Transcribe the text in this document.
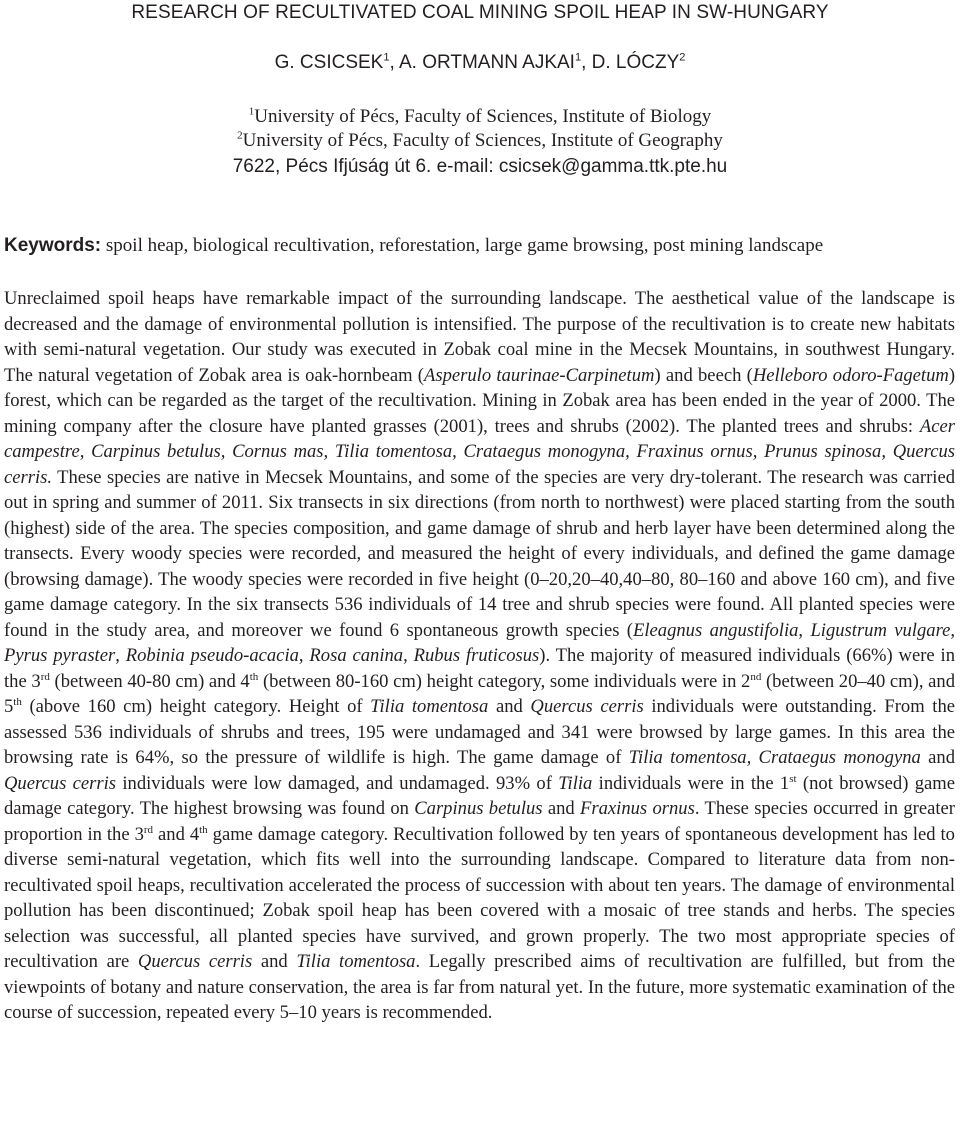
RESEARCH OF RECULTIVATED COAL MINING SPOIL HEAP IN SW-HUNGARY
G. CSICSEK$^1$, A. ORTMANN AJKAI$^1$, D. LÓCZY$^2$
$^1$University of Pécs, Faculty of Sciences, Institute of Biology
$^2$University of Pécs, Faculty of Sciences, Institute of Geography
7622, Pécs Ifjúság út 6. e-mail: csicsek@gamma.ttk.pte.hu
Keywords: spoil heap, biological recultivation, reforestation, large game browsing, post mining landscape

Unreclaimed spoil heaps have remarkable impact of the surrounding landscape. The aesthetical value of the landscape is decreased and the damage of environmental pollution is intensified. The purpose of the recultivation is to create new habitats with semi-natural vegetation. Our study was executed in Zobak coal mine in the Mecsek Mountains, in southwest Hungary. The natural vegetation of Zobak area is oak-hornbeam (Asperulo taurinae-Carpinetum) and beech (Helleboro odoro-Fagetum) forest, which can be regarded as the target of the recultivation. Mining in Zobak area has been ended in the year of 2000. The mining company after the closure have planted grasses (2001), trees and shrubs (2002). The planted trees and shrubs: Acer campestre, Carpinus betulus, Cornus mas, Tilia tomentosa, Crataegus monogyna, Fraxinus ornus, Prunus spinosa, Quercus cerris. These species are native in Mecsek Mountains, and some of the species are very dry-tolerant. The research was carried out in spring and summer of 2011. Six transects in six directions (from north to northwest) were placed starting from the south (highest) side of the area. The species composition, and game damage of shrub and herb layer have been determined along the transects. Every woody species were recorded, and measured the height of every individuals, and defined the game damage (browsing damage). The woody species were recorded in five height (0–20,20–40,40–80, 80–160 and above 160 cm), and five game damage category. In the six transects 536 individuals of 14 tree and shrub species were found. All planted species were found in the study area, and moreover we found 6 spontaneous growth species (Eleagnus angustifolia, Ligustrum vulgare, Pyrus pyraster, Robinia pseudo-acacia, Rosa canina, Rubus fruticosus). The majority of measured individuals (66%) were in the 3rd (between 40-80 cm) and 4th (between 80-160 cm) height category, some individuals were in 2nd (between 20–40 cm), and 5th (above 160 cm) height category. Height of Tilia tomentosa and Quercus cerris individuals were outstanding. From the assessed 536 individuals of shrubs and trees, 195 were undamaged and 341 were browsed by large games. In this area the browsing rate is 64%, so the pressure of wildlife is high. The game damage of Tilia tomentosa, Crataegus monogyna and Quercus cerris individuals were low damaged, and undamaged. 93% of Tilia individuals were in the 1st (not browsed) game damage category. The highest browsing was found on Carpinus betulus and Fraxinus ornus. These species occurred in greater proportion in the 3rd and 4th game damage category. Recultivation followed by ten years of spontaneous development has led to diverse semi-natural vegetation, which fits well into the surrounding landscape. Compared to literature data from non-recultivated spoil heaps, recultivation accelerated the process of succession with about ten years. The damage of environmental pollution has been discontinued; Zobak spoil heap has been covered with a mosaic of tree stands and herbs. The species selection was successful, all planted species have survived, and grown properly. The two most appropriate species of recultivation are Quercus cerris and Tilia tomentosa. Legally prescribed aims of recultivation are fulfilled, but from the viewpoints of botany and nature conservation, the area is far from natural yet. In the future, more systematic examination of the course of succession, repeated every 5–10 years is recommended.
